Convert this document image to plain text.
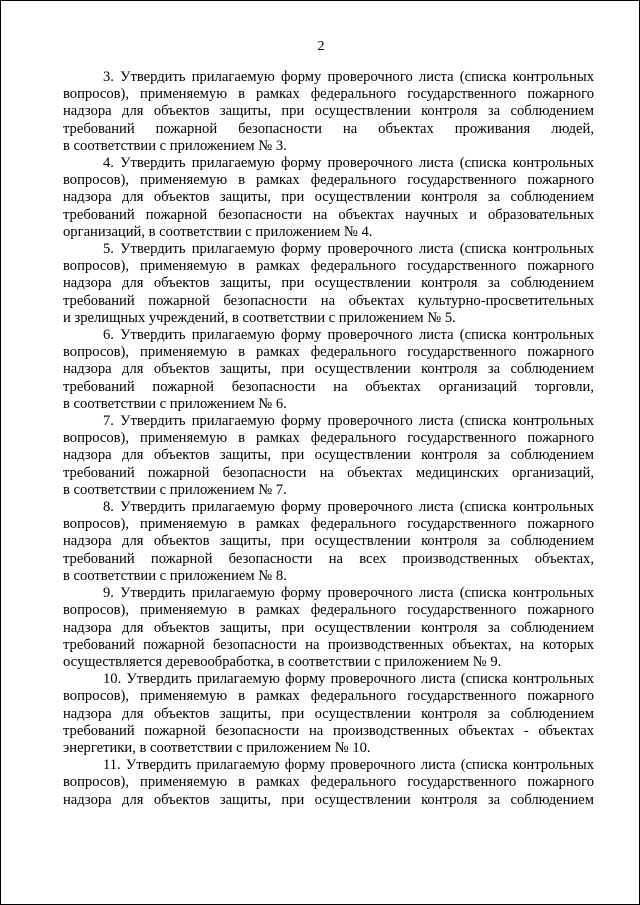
2
3. Утвердить прилагаемую форму проверочного листа (списка контрольных
вопросов), применяемую в рамках федерального государственного пожарного
надзора для объектов защиты, при осуществлении контроля за соблюдением
требований пожарной безопасности на объектах проживания людей,
в соответствии с приложением № 3.
4. Утвердить прилагаемую форму проверочного листа (списка контрольных
вопросов), применяемую в рамках федерального государственного пожарного
надзора для объектов защиты, при осуществлении контроля за соблюдением
требований пожарной безопасности на объектах научных и образовательных
организаций, в соответствии с приложением № 4.
5. Утвердить прилагаемую форму проверочного листа (списка контрольных
вопросов), применяемую в рамках федерального государственного пожарного
надзора для объектов защиты, при осуществлении контроля за соблюдением
требований пожарной безопасности на объектах культурно-просветительных
и зрелищных учреждений, в соответствии с приложением № 5.
6. Утвердить прилагаемую форму проверочного листа (списка контрольных
вопросов), применяемую в рамках федерального государственного пожарного
надзора для объектов защиты, при осуществлении контроля за соблюдением
требований пожарной безопасности на объектах организаций торговли,
в соответствии с приложением № 6.
7. Утвердить прилагаемую форму проверочного листа (списка контрольных
вопросов), применяемую в рамках федерального государственного пожарного
надзора для объектов защиты, при осуществлении контроля за соблюдением
требований пожарной безопасности на объектах медицинских организаций,
в соответствии с приложением № 7.
8. Утвердить прилагаемую форму проверочного листа (списка контрольных
вопросов), применяемую в рамках федерального государственного пожарного
надзора для объектов защиты, при осуществлении контроля за соблюдением
требований пожарной безопасности на всех производственных объектах,
в соответствии с приложением № 8.
9. Утвердить прилагаемую форму проверочного листа (списка контрольных
вопросов), применяемую в рамках федерального государственного пожарного
надзора для объектов защиты, при осуществлении контроля за соблюдением
требований пожарной безопасности на производственных объектах, на которых
осуществляется деревообработка, в соответствии с приложением № 9.
10. Утвердить прилагаемую форму проверочного листа (списка контрольных
вопросов), применяемую в рамках федерального государственного пожарного
надзора для объектов защиты, при осуществлении контроля за соблюдением
требований пожарной безопасности на производственных объектах - объектах
энергетики, в соответствии с приложением № 10.
11. Утвердить прилагаемую форму проверочного листа (списка контрольных
вопросов), применяемую в рамках федерального государственного пожарного
надзора для объектов защиты, при осуществлении контроля за соблюдением
